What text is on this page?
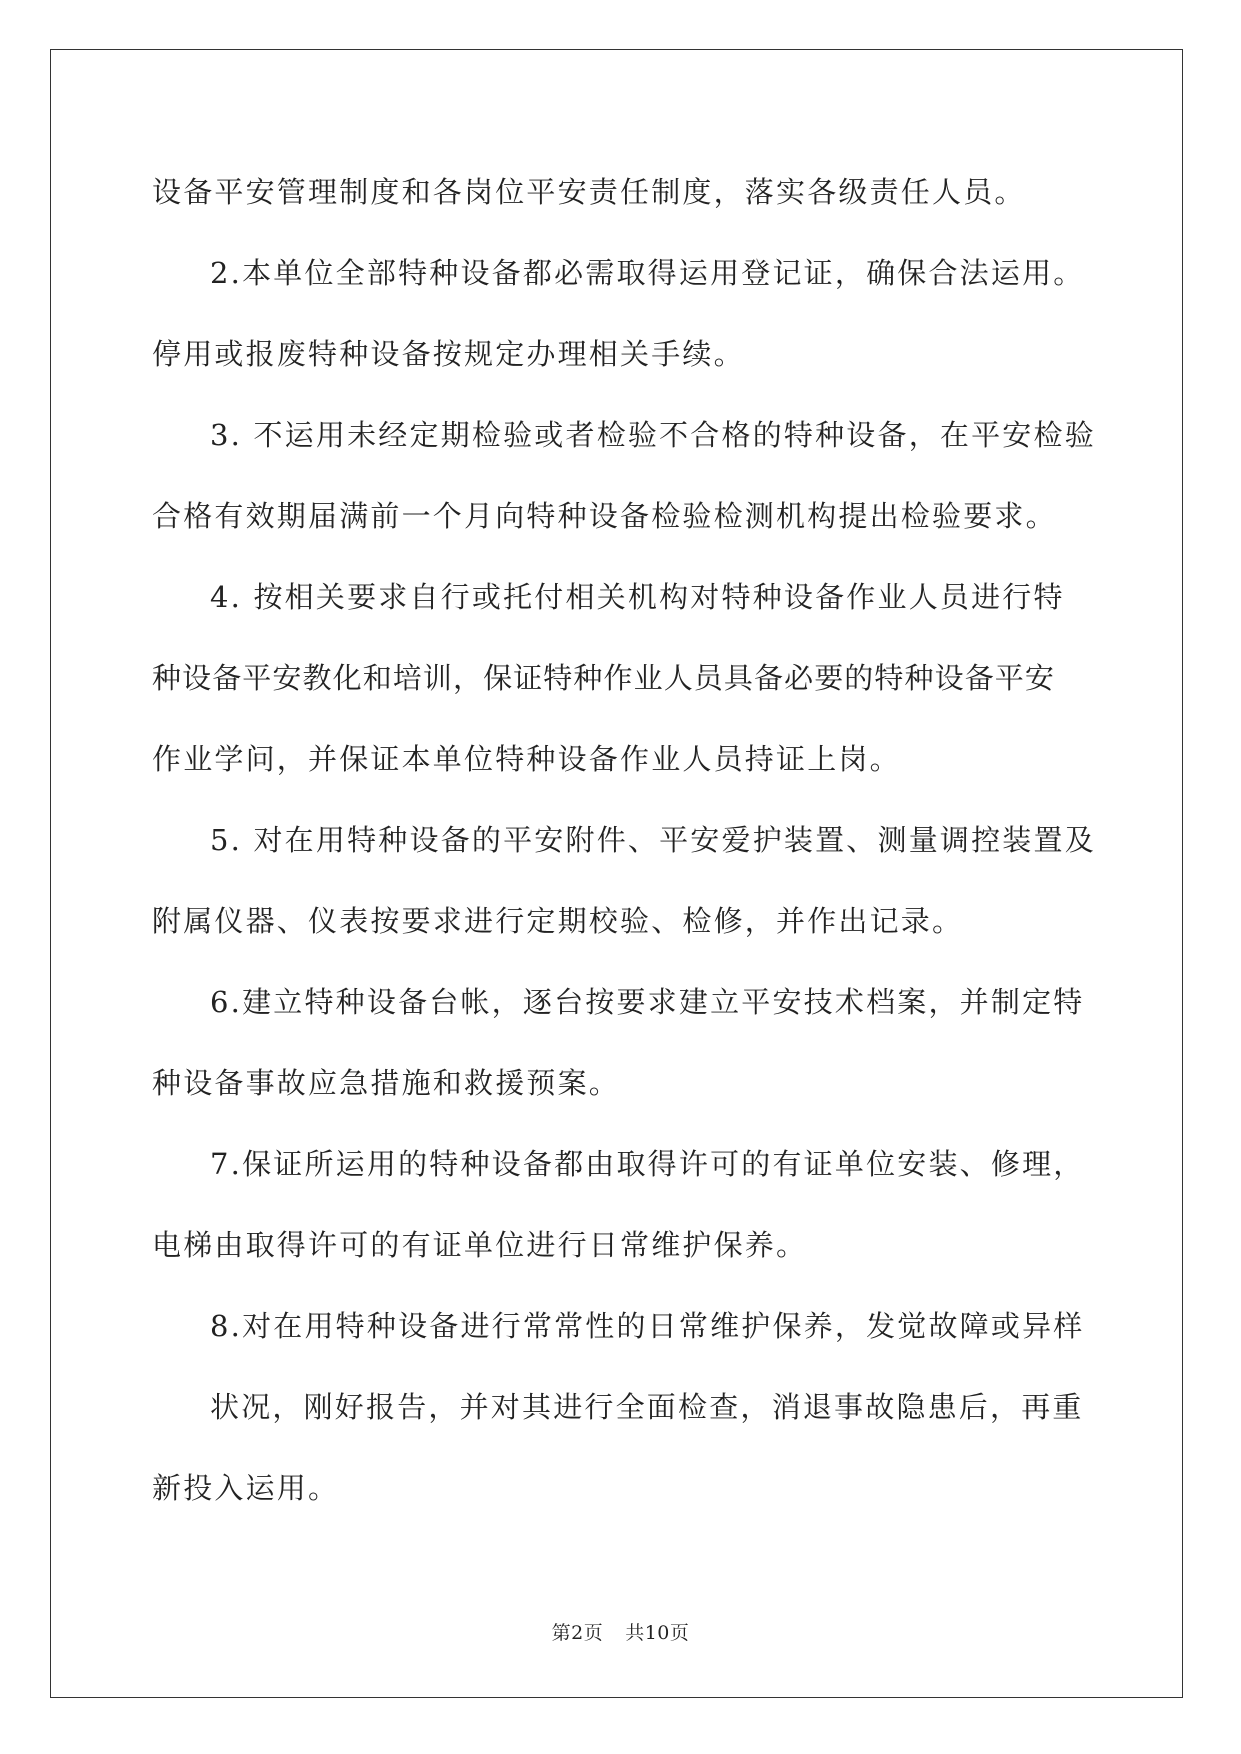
设备平安管理制度和各岗位平安责任制度，落实各级责任人员。
2.本单位全部特种设备都必需取得运用登记证，确保合法运用。
停用或报废特种设备按规定办理相关手续。
3. 不运用未经定期检验或者检验不合格的特种设备，在平安检验
合格有效期届满前一个月向特种设备检验检测机构提出检验要求。
4. 按相关要求自行或托付相关机构对特种设备作业人员进行特
种设备平安教化和培训，保证特种作业人员具备必要的特种设备平安
作业学问，并保证本单位特种设备作业人员持证上岗。
5. 对在用特种设备的平安附件、平安爱护装置、测量调控装置及
附属仪器、仪表按要求进行定期校验、检修，并作出记录。
6.建立特种设备台帐，逐台按要求建立平安技术档案，并制定特
种设备事故应急措施和救援预案。
7.保证所运用的特种设备都由取得许可的有证单位安装、修理，
电梯由取得许可的有证单位进行日常维护保养。
8.对在用特种设备进行常常性的日常维护保养，发觉故障或异样
状况，刚好报告，并对其进行全面检查，消退事故隐患后，再重
新投入运用。
第2页 共10页
